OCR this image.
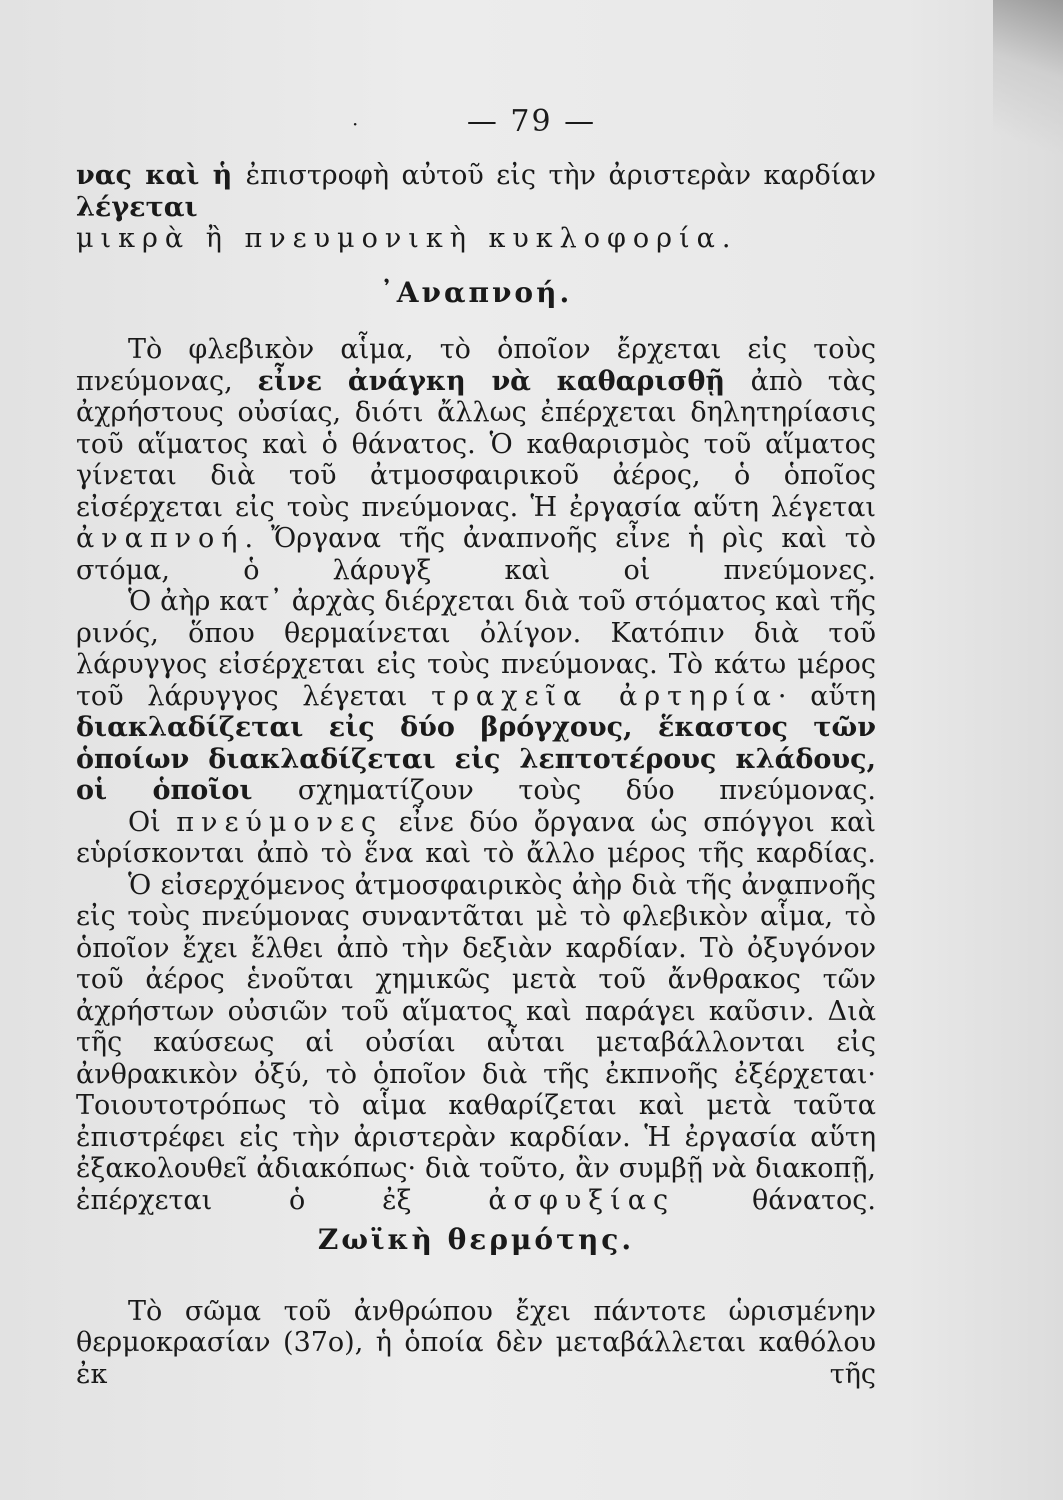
·	— 79 —

νας καὶ ἡ ἐπιστροφὴ αὐτοῦ εἰς τὴν ἀριστερὰν καρδίαν λέγεται

μικρὰ ἢ πνευμονικὴ κυκλοφορία.

᾿Αναπνοή.

Τὸ φλεβικὸν αἷμα, τὸ ὁποῖον ἔρχεται εἰς τοὺς πνεύμονας, εἶνε ἀνάγκη νὰ καθαρισθῇ ἀπὸ τὰς ἀχρήστους οὐσίας, διότι ἄλλως ἐπέρχεται δηλητηρίασις τοῦ αἵματος καὶ ὁ θάνατος. Ὁ καθαρισμὸς τοῦ αἵματος γίνεται διὰ τοῦ ἀτμοσφαιρικοῦ ἀέρος, ὁ ὁποῖος εἰσέρχεται εἰς τοὺς πνεύμονας. Ἡ ἐργασία αὕτη λέγεται ἀναπνοή. Ὄργανα τῆς ἀναπνοῆς εἶνε ἡ ρὶς καὶ τὸ στόμα, ὁ λάρυγξ καὶ οἱ πνεύμονες.

Ὁ ἀὴρ κατ᾿ ἀρχὰς διέρχεται διὰ τοῦ στόματος καὶ τῆς ρινός, ὅπου θερμαίνεται ὀλίγον. Κατόπιν διὰ τοῦ λάρυγγος εἰσέρχεται εἰς τοὺς πνεύμονας. Τὸ κάτω μέρος τοῦ λάρυγγος λέγεται τραχεῖα ἀρτηρία· αὕτη διακλαδίζεται εἰς δύο βρόγχους, ἕκαστος τῶν ὁποίων διακλαδίζεται εἰς λεπτοτέρους κλάδους, οἱ ὁποῖοι σχηματίζουν τοὺς δύο πνεύμονας.

Οἱ πνεύμονες εἶνε δύο ὄργανα ὡς σπόγγοι καὶ εὑρίσκονται ἀπὸ τὸ ἕνα καὶ τὸ ἄλλο μέρος τῆς καρδίας.

Ὁ εἰσερχόμενος ἀτμοσφαιρικὸς ἀὴρ διὰ τῆς ἀναπνοῆς εἰς τοὺς πνεύμονας συναντᾶται μὲ τὸ φλεβικὸν αἷμα, τὸ ὁποῖον ἔχει ἔλθει ἀπὸ τὴν δεξιὰν καρδίαν. Τὸ ὀξυγόνον τοῦ ἀέρος ἑνοῦται χημικῶς μετὰ τοῦ ἄνθρακος τῶν ἀχρήστων οὐσιῶν τοῦ αἵματος καὶ παράγει καῦσιν. Διὰ τῆς καύσεως αἱ οὐσίαι αὗται μεταβάλλονται εἰς ἀνθρακικὸν ὀξύ, τὸ ὁποῖον διὰ τῆς ἐκπνοῆς ἐξέρχεται· Τοιουτοτρόπως τὸ αἷμα καθαρίζεται καὶ μετὰ ταῦτα ἐπιστρέφει εἰς τὴν ἀριστερὰν καρδίαν. Ἡ ἐργασία αὕτη ἐξακολουθεῖ ἀδιακόπως· διὰ τοῦτο, ἂν συμβῇ νὰ διακοπῇ, ἐπέρχεται ὁ ἐξ ἀσφυξίας θάνατος.

Ζωϊκὴ θερμότης.

Τὸ σῶμα τοῦ ἀνθρώπου ἔχει πάντοτε ὡρισμένην θερμοκρασίαν (37ο), ἡ ὁποία δὲν μεταβάλλεται καθόλου ἐκ τῆς
